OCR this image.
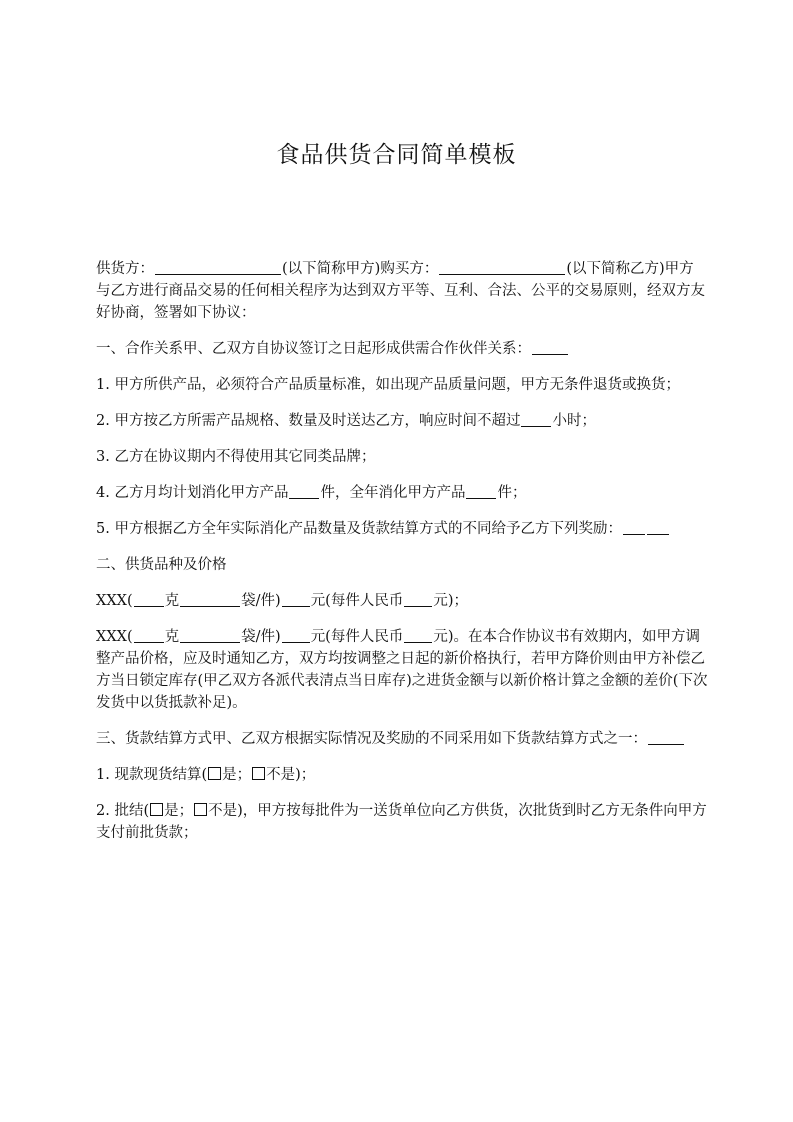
食品供货合同简单模板

供货方：	(以下简称甲方)购买方：	(以下简称乙方)甲方与乙方进行商品交易的任何相关程序为达到双方平等、互利、合法、公平的交易原则，经双方友好协商，签署如下协议：

一、合作关系甲、乙双方自协议签订之日起形成供需合作伙伴关系：

1. 甲方所供产品，必须符合产品质量标准，如出现产品质量问题，甲方无条件退货或换货；

2. 甲方按乙方所需产品规格、数量及时送达乙方，响应时间不超过 小时；

3. 乙方在协议期内不得使用其它同类品牌；

4. 乙方月均计划消化甲方产品 件，全年消化甲方产品 件；

5. 甲方根据乙方全年实际消化产品数量及货款结算方式的不同给予乙方下列奖励：

二、供货品种及价格

XXX( 克	袋/件) 元(每件人民币 元)；

XXX( 克	袋/件) 元(每件人民币 元)。在本合作协议书有效期内，如甲方调整产品价格，应及时通知乙方，双方均按调整之日起的新价格执行，若甲方降价则由甲方补偿乙方当日锁定库存(甲乙双方各派代表清点当日库存)之进货金额与以新价格计算之金额的差价(下次发货中以货抵款补足)。

三、货款结算方式甲、乙双方根据实际情况及奖励的不同采用如下货款结算方式之一：

1. 现款现货结算( 是； 不是)；

2. 批结( 是； 不是)，甲方按每批件为一送货单位向乙方供货，次批货到时乙方无条件向甲方支付前批货款；
